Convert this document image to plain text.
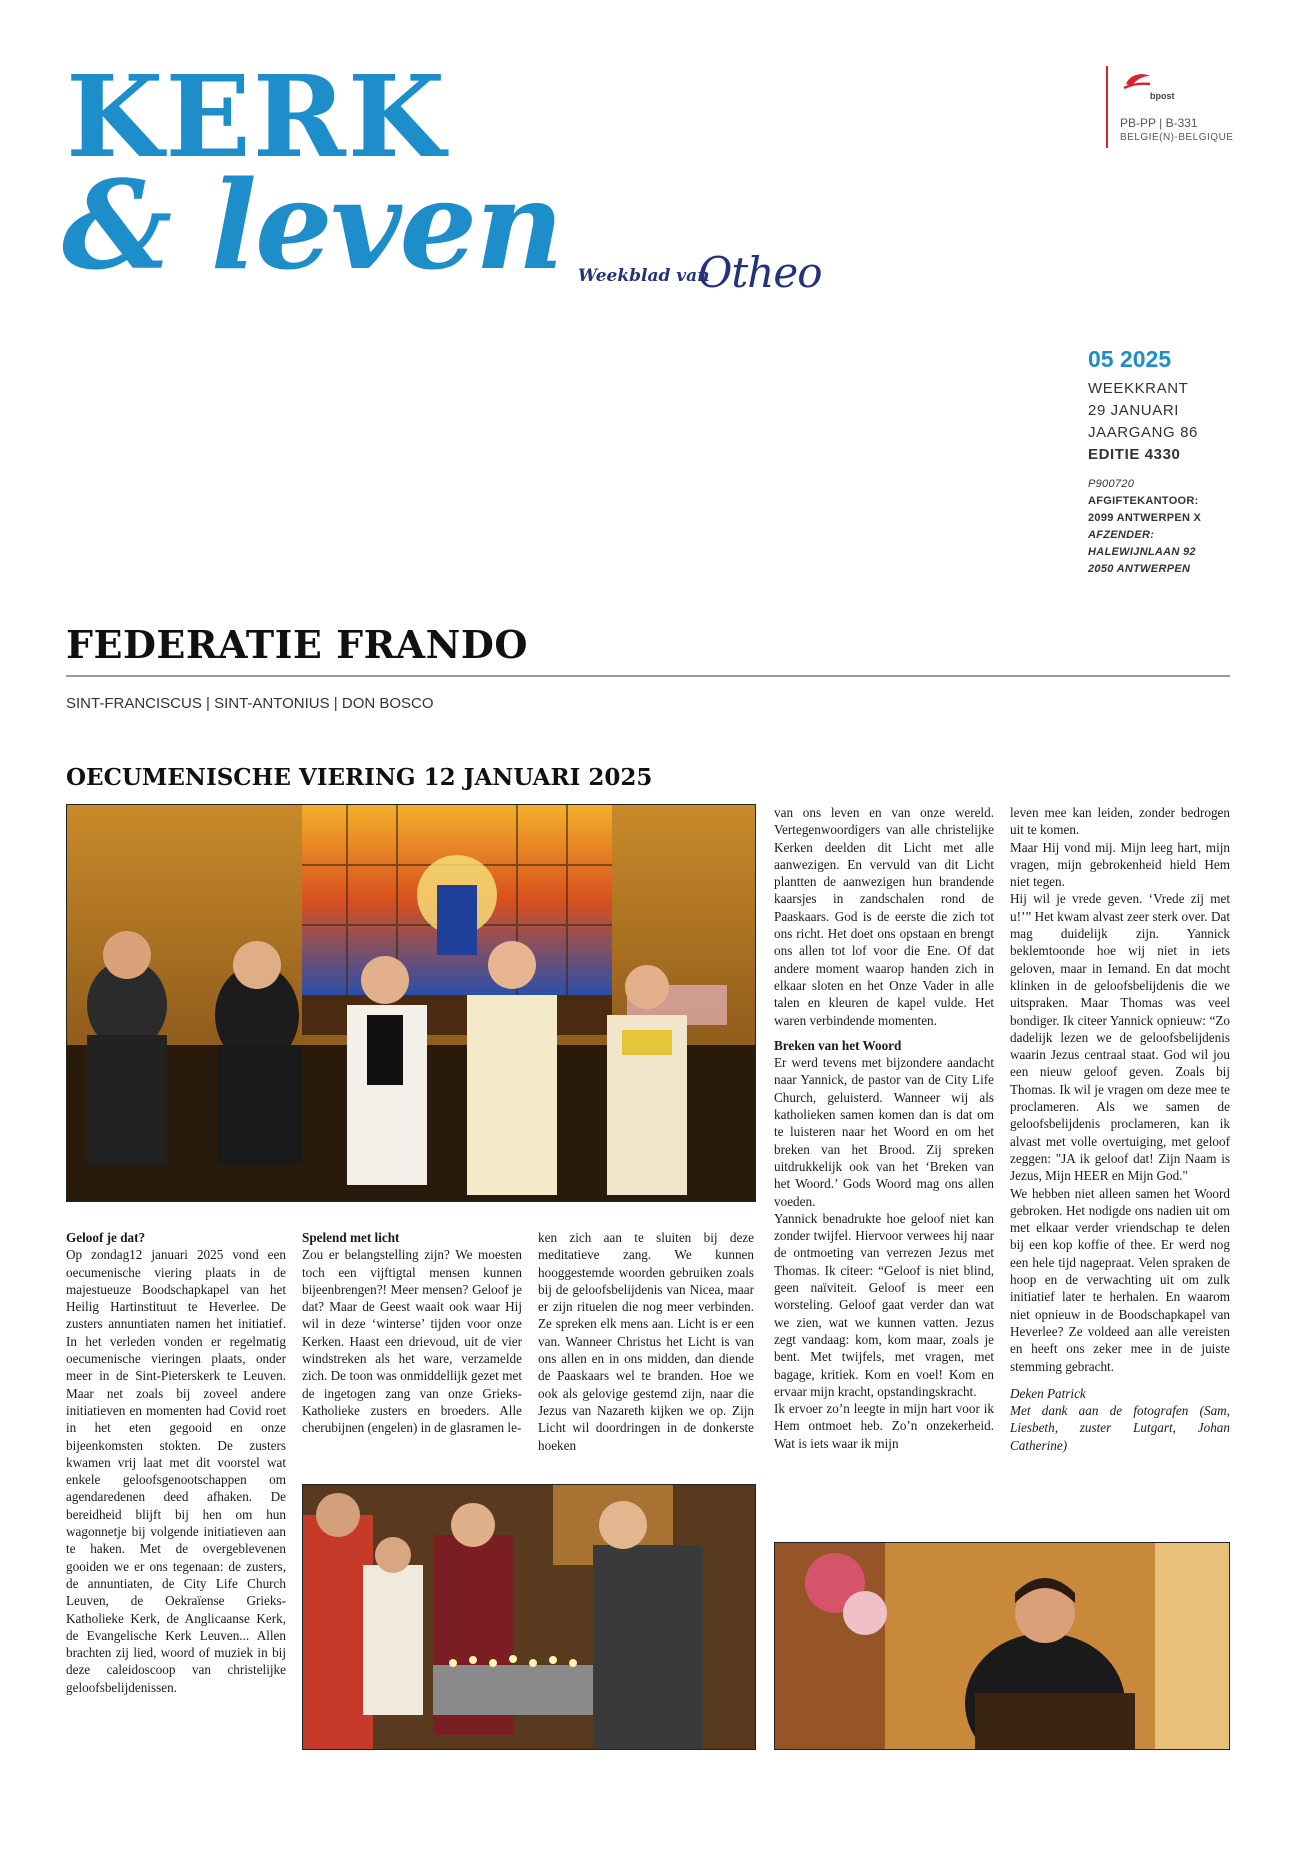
KERK
& leven Weekblad van
Otheo
bpost
PB-PP | B-331
BELGIE(N)-BELGIQUE
05 2025
WEEKKRANT
29 JANUARI
JAARGANG 86
EDITIE 4330
P900720
AFGIFTEKANTOOR:
2099 ANTWERPEN X
AFZENDER:
HALEWIJNLAAN 92
2050 ANTWERPEN
FEDERATIE FRANDO
SINT-FRANCISCUS | SINT-ANTONIUS | DON BOSCO
OECUMENISCHE VIERING 12 JANUARI 2025

Geloof je dat?

Op zondag12 januari 2025 vond een oecumenische viering plaats in de majestueuze Boodschapkapel van het Heilig Hartinstituut te Heverlee. De zusters annuntiaten namen het initiatief. In het verleden vonden er regelmatig oecumenische vieringen plaats, onder meer in de Sint-Pieterskerk te Leuven. Maar net zoals bij zoveel andere initiatieven en momenten had Covid roet in het eten gegooid en onze bijeenkomsten stokten. De zusters kwamen vrij laat met dit voorstel wat enkele geloofsgenootschappen om agendaredenen deed afhaken. De bereidheid blijft bij hen om hun wagonnetje bij volgende initiatieven aan te haken. Met de overgeblevenen gooiden we er ons tegenaan: de zusters, de annuntiaten, de City Life Church Leuven, de Oekraïense Grieks-Katholieke Kerk, de Anglicaanse Kerk, de Evangelische Kerk Leuven... Allen brachten zij lied, woord of muziek in bij deze caleidoscoop van christelijke geloofsbelijdenissen.

Spelend met licht

Zou er belangstelling zijn? We moesten toch een vijftigtal mensen kunnen bijeenbrengen?! Meer mensen? Geloof je dat? Maar de Geest waait ook waar Hij wil in deze ‘winterse’ tijden voor onze Kerken. Haast een drievoud, uit de vier windstreken als het ware, verzamelde zich. De toon was onmiddellijk gezet met de ingetogen zang van onze Grieks-Katholieke zusters en broeders. Alle cherubijnen (engelen) in de glasramen le-

ken zich aan te sluiten bij deze meditatieve zang. We kunnen hooggestemde woorden gebruiken zoals bij de geloofsbelijdenis van Nicea, maar er zijn rituelen die nog meer verbinden. Ze spreken elk mens aan. Licht is er een van. Wanneer Christus het Licht is van ons allen en in ons midden, dan diende de Paaskaars wel te branden. Hoe we ook als gelovige gestemd zijn, naar die Jezus van Nazareth kijken we op. Zijn Licht wil doordringen in de donkerste hoeken

van ons leven en van onze wereld. Vertegenwoordigers van alle christelijke Kerken deelden dit Licht met alle aanwezigen. En vervuld van dit Licht plantten de aanwezigen hun brandende kaarsjes in zandschalen rond de Paaskaars. God is de eerste die zich tot ons richt. Het doet ons opstaan en brengt ons allen tot lof voor die Ene. Of dat andere moment waarop handen zich in elkaar sloten en het Onze Vader in alle talen en kleuren de kapel vulde. Het waren verbindende momenten.

Breken van het Woord

Er werd tevens met bijzondere aandacht naar Yannick, de pastor van de City Life Church, geluisterd. Wanneer wij als katholieken samen komen dan is dat om te luisteren naar het Woord en om het breken van het Brood. Zij spreken uitdrukkelijk ook van het ‘Breken van het Woord.’ Gods Woord mag ons allen voeden.

Yannick benadrukte hoe geloof niet kan zonder twijfel. Hiervoor verwees hij naar de ontmoeting van verrezen Jezus met Thomas. Ik citeer: “Geloof is niet blind, geen naïviteit. Geloof is meer een worsteling. Geloof gaat verder dan wat we zien, wat we kunnen vatten. Jezus zegt vandaag: kom, kom maar, zoals je bent. Met twijfels, met vragen, met bagage, kritiek. Kom en voel! Kom en ervaar mijn kracht, opstandingskracht.

Ik ervoer zo’n leegte in mijn hart voor ik Hem ontmoet heb. Zo’n onzekerheid. Wat is iets waar ik mijn

leven mee kan leiden, zonder bedrogen uit te komen.

Maar Hij vond mij. Mijn leeg hart, mijn vragen, mijn gebrokenheid hield Hem niet tegen.

Hij wil je vrede geven. ‘Vrede zij met u!’” Het kwam alvast zeer sterk over. Dat mag duidelijk zijn. Yannick beklemtoonde hoe wij niet in iets geloven, maar in Iemand. En dat mocht klinken in de geloofsbelijdenis die we uitspraken. Maar Thomas was veel bondiger. Ik citeer Yannick opnieuw: “Zo dadelijk lezen we de geloofsbelijdenis waarin Jezus centraal staat. God wil jou een nieuw geloof geven. Zoals bij Thomas. Ik wil je vragen om deze mee te proclameren. Als we samen de geloofsbelijdenis proclameren, kan ik alvast met volle overtuiging, met geloof zeggen: "JA ik geloof dat! Zijn Naam is Jezus, Mijn HEER en Mijn God."

We hebben niet alleen samen het Woord gebroken. Het nodigde ons nadien uit om met elkaar verder vriendschap te delen bij een kop koffie of thee. Er werd nog een hele tijd nagepraat. Velen spraken de hoop en de verwachting uit om zulk initiatief later te herhalen. En waarom niet opnieuw in de Boodschapkapel van Heverlee? Ze voldeed aan alle vereisten en heeft ons zeker mee in de juiste stemming gebracht.

Deken Patrick

Met dank aan de fotografen (Sam, Liesbeth, zuster Lutgart, Johan Catherine)
